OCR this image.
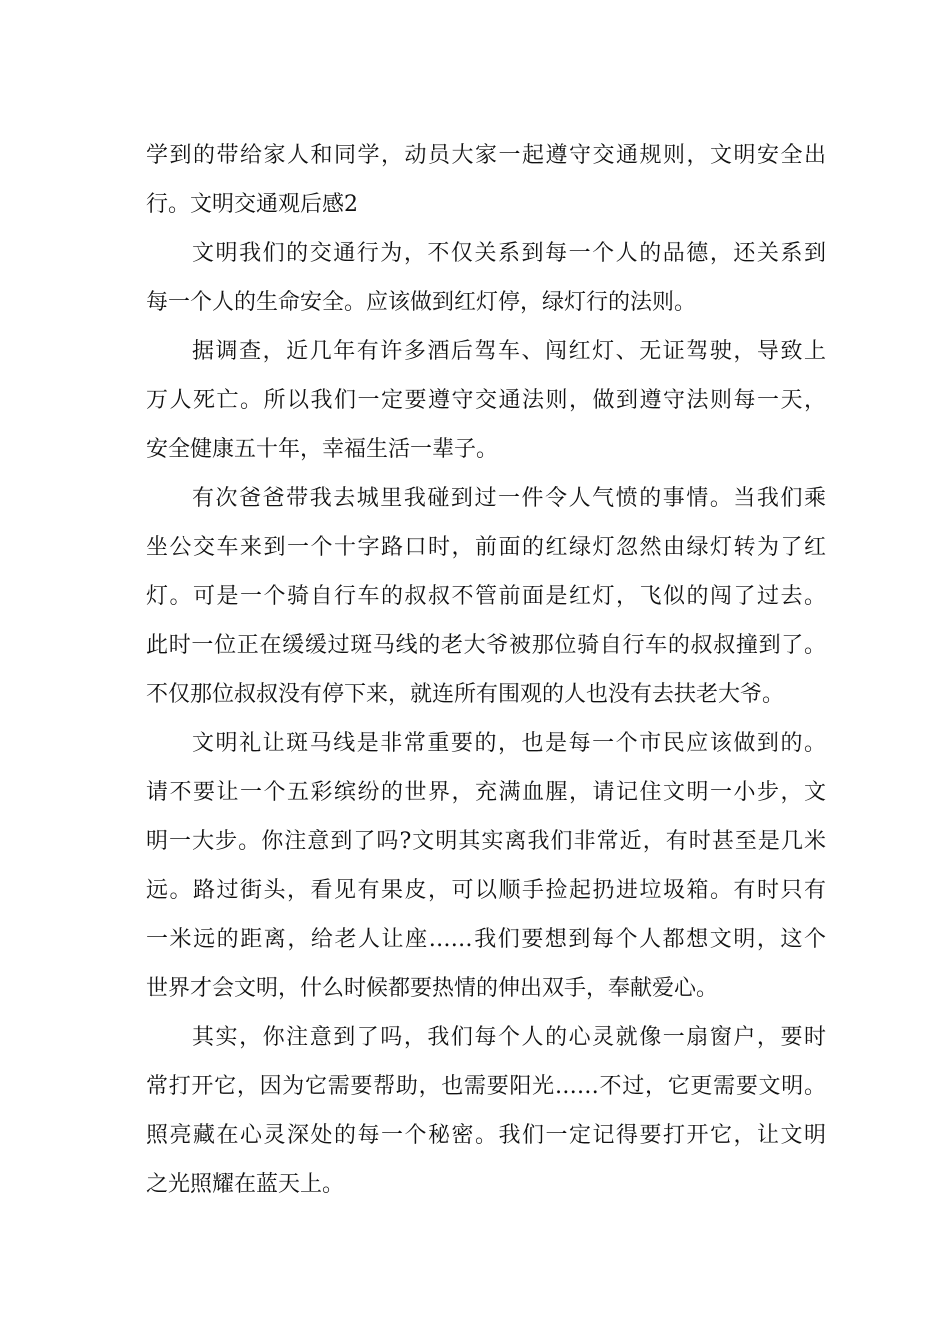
学到的带给家人和同学，动员大家一起遵守交通规则，文明安全出
行。文明交通观后感2
文明我们的交通行为，不仅关系到每一个人的品德，还关系到
每一个人的生命安全。应该做到红灯停，绿灯行的法则。
据调查，近几年有许多酒后驾车、闯红灯、无证驾驶，导致上
万人死亡。所以我们一定要遵守交通法则，做到遵守法则每一天，
安全健康五十年，幸福生活一辈子。
有次爸爸带我去城里我碰到过一件令人气愤的事情。当我们乘
坐公交车来到一个十字路口时，前面的红绿灯忽然由绿灯转为了红
灯。可是一个骑自行车的叔叔不管前面是红灯，飞似的闯了过去。
此时一位正在缓缓过斑马线的老大爷被那位骑自行车的叔叔撞到了。
不仅那位叔叔没有停下来，就连所有围观的人也没有去扶老大爷。
文明礼让斑马线是非常重要的，也是每一个市民应该做到的。
请不要让一个五彩缤纷的世界，充满血腥，请记住文明一小步，文
明一大步。你注意到了吗?文明其实离我们非常近，有时甚至是几米
远。路过街头，看见有果皮，可以顺手捡起扔进垃圾箱。有时只有
一米远的距离，给老人让座……我们要想到每个人都想文明，这个
世界才会文明，什么时候都要热情的伸出双手，奉献爱心。
其实，你注意到了吗，我们每个人的心灵就像一扇窗户，要时
常打开它，因为它需要帮助，也需要阳光……不过，它更需要文明。
照亮藏在心灵深处的每一个秘密。我们一定记得要打开它，让文明
之光照耀在蓝天上。
